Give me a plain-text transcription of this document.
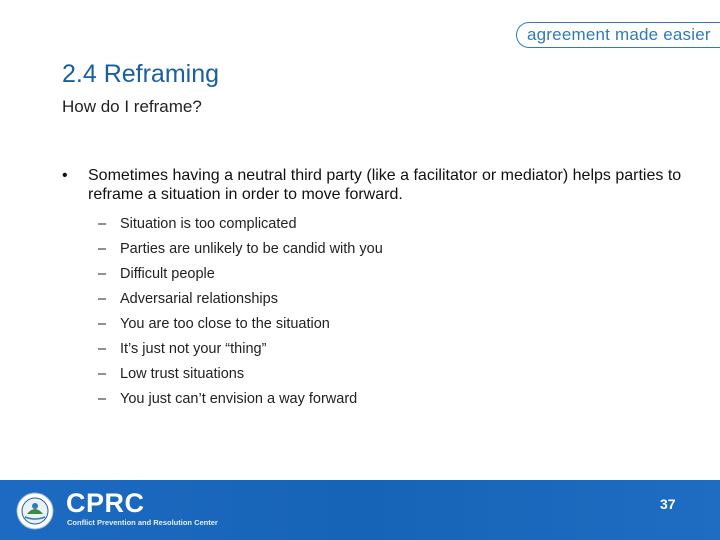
agreement made easier
2.4 Reframing

How do I reframe?

•	Sometimes having a neutral third party (like a facilitator or mediator) helps parties to reframe a situation in order to move forward.
– Situation is too complicated
– Parties are unlikely to be candid with you
– Difficult people
– Adversarial relationships
– You are too close to the situation
– It’s just not your “thing”
– Low trust situations
– You just can’t envision a way forward
CPRC
Conflict Prevention and Resolution Center
37
